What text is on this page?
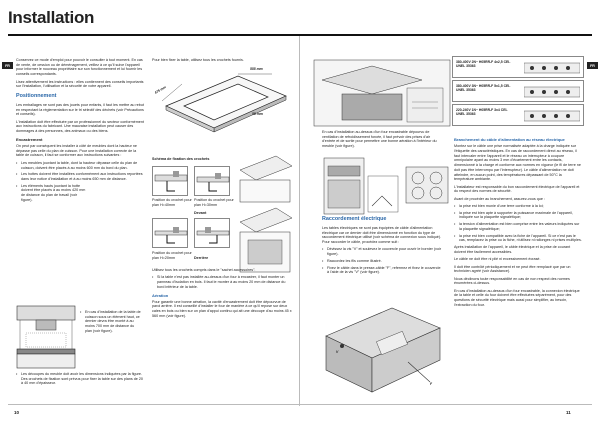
Installation
FR	FR

Conservez ce mode d'emploi pour pouvoir le consulter à tout moment. En cas de vente, de cession ou de déménagement, veillez à ce qu'il suive l'appareil pour informer le nouveau propriétaire sur son fonctionnement et lui fournir les conseils correspondants.

Lisez attentivement les instructions : elles contiennent des conseils importants sur l'installation, l'utilisation et la sécurité de votre appareil.

Positionnement

Les emballages ne sont pas des jouets pour enfants, il faut les mettre au rebut en respectant la réglementation sur le tri sélectif des déchets (voir Précautions et conseils).

L'installation doit être effectuée par un professionnel du secteur conformément aux instructions du fabricant. Une mauvaise installation peut causer des dommages à des personnes, des animaux ou des biens.

Encastrement

On peut par conséquent les installer à côté de meubles dont la hauteur ne dépasse pas celle du plan de cuisson. Pour une installation correcte de la table de cuisson, il faut se conformer aux instructions suivantes :

• Les meubles jouxtant la table, dont la hauteur dépasse celle du plan de cuisson, doivent être placés à au moins 600 mm du bord du plan.
• Les hottes doivent être installées conformément aux instructions reportées dans leur notice d'installation et à au moins 650 mm de distance.
• Les éléments hauts jouxtant la hotte doivent être placés à au moins 420 mm de distance du plan de travail (voir figure).
• En cas d'installation de la table de cuisson sous un élément haut, ce dernier devra être monté à au moins 700 mm de distance du plan (voir figure).
• Les découpes du meuble doit avoir les dimensions indiquées par la figure. Des crochets de fixation sont prévus pour fixer la table sur des plans de 20 à 40 mm d'épaisseur.
Pour bien fixer la table, utilisez tous les crochets fournis.
555 mm
475 mm
55 mm
Schéma de fixation des crochets
Position du crochet pour plan H=40mm
Position du crochet pour plan H=30mm
Devant
Position du crochet pour plan H=20mm	Derrière

Utilisez tous les crochets compris dans le "sachet accessoires".

• Si la table n'est pas installée au-dessus d'un four à encastrer, il faut monter un panneau d'isolation en bois. Il faut le monter à au moins 20 mm de distance du bord inférieur de la table.
Aération

Pour garantir une bonne aération, la cavité d'encastrement doit être dépourvue de paroi arrière. Il est conseillé d'installer le four de manière à ce qu'il repose sur deux cales en bois ou bien sur un plan d'appui continu qui ait une découpe d'au moins 45 x 560 mm (voir figure).

En cas d'installation au-dessus d'un four encastrable dépourvu de ventilation de refroidissement forcée, il faut prévoir des prises d'air d'entrée et de sortie pour permettre une bonne aération à l'intérieur du meuble (voir figure).

Raccordement électrique

Les tables électriques ne sont pas équipées de câble d'alimentation électrique car ce dernier doit être dimensionné en fonction du type de raccordement électrique utilisé (voir schéma de connexion sous indiqué). Pour raccorder le câble, procédez comme suit :

• Dévissez la vis "V" et soulevez le couvercle pour ouvrir le bornier (voir figure).
• Raccordez les fils comme illustré.
• Fixez le câble dans le presse-câble "F", refermez et fixez le couvercle à l'aide de la vis "V" (voir figure).
V
F
380-400V 2N~ H05RR-F 4x2,5 CEI-UNEL 35363
380-400V 3N~ H05RR-F 5x1,5 CEI-UNEL 35363
220-240V 1N~ H05RR-F 3x4 CEI-UNEL 35363
Branchement du câble d'alimentation au réseau électrique

Montez sur le câble une prise normalisée adaptée à la charge indiquée sur l'étiquette des caractéristiques. En cas de raccordement direct au réseau, il faut intercaler entre l'appareil et le réseau un interrupteur à coupure omnipolaire ayant au moins 3 mm d'écartement entre les contacts, dimensionné à la charge et conforme aux normes en vigueur (le fil de terre ne doit pas être interrompu par l'interrupteur). Le câble d'alimentation ne doit atteindre, en aucun point, des températures dépassant de 50°C la température ambiante.

L'installateur est responsable du bon raccordement électrique de l'appareil et du respect des normes de sécurité.

Avant de procéder au branchement, assurez-vous que :

• la prise est bien munie d'une terre conforme à la loi;
• la prise est bien apte à supporter la puissance maximale de l'appareil, indiquée sur la plaquette signalétique;
• la tension d'alimentation est bien comprise entre les valeurs indiquées sur la plaquette signalétique;
• la prise est bien compatible avec la fiche de l'appareil. Si ce n'est pas le cas, remplacez la prise ou la fiche, n'utilisez ni rallonges ni prises multiples.

Après installation de l'appareil, le câble électrique et la prise de courant doivent être facilement accessibles.

Le câble ne doit être ni plié ni excessivement écrasé.

Il doit être contrôlé périodiquement et ne peut être remplacé que par un technicien agréé (voir Assistance).

Nous déclinons toute responsabilité en cas de non respect des normes énumérées ci-dessus.

En cas d'installation au-dessus d'un four encastrable, la connexion électrique de la table et celle du four doivent être effectuées séparément, pour des questions de sécurité électrique mais aussi pour simplifier, au besoin, l'extraction du four.

10	11
